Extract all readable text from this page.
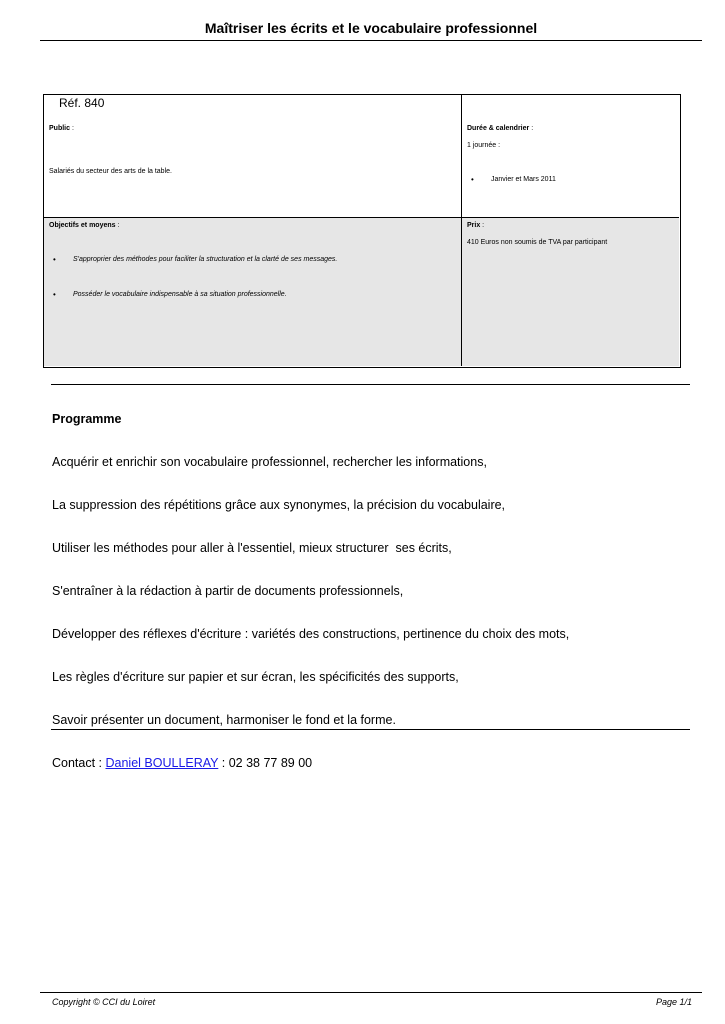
Maîtriser les écrits et le vocabulaire professionnel
Réf. 840
Public :
Salariés du secteur des arts de la table.
Durée & calendrier :
1 journée :
• Janvier et Mars 2011
Objectifs et moyens :
• S'approprier des méthodes pour faciliter la structuration et la clarté de ses messages.
• Posséder le vocabulaire indispensable à sa situation professionnelle.
Prix :
410 Euros non soumis de TVA par participant
Programme
Acquérir et enrichir son vocabulaire professionnel, rechercher les informations,
La suppression des répétitions grâce aux synonymes, la précision du vocabulaire,
Utiliser les méthodes pour aller à l'essentiel, mieux structurer  ses écrits,
S'entraîner à la rédaction à partir de documents professionnels,
Développer des réflexes d'écriture : variétés des constructions, pertinence du choix des mots,
Les règles d'écriture sur papier et sur écran, les spécificités des supports,
Savoir présenter un document, harmoniser le fond et la forme.
Contact : Daniel BOULLERAY : 02 38 77 89 00
Copyright © CCI du Loiret	Page 1/1
